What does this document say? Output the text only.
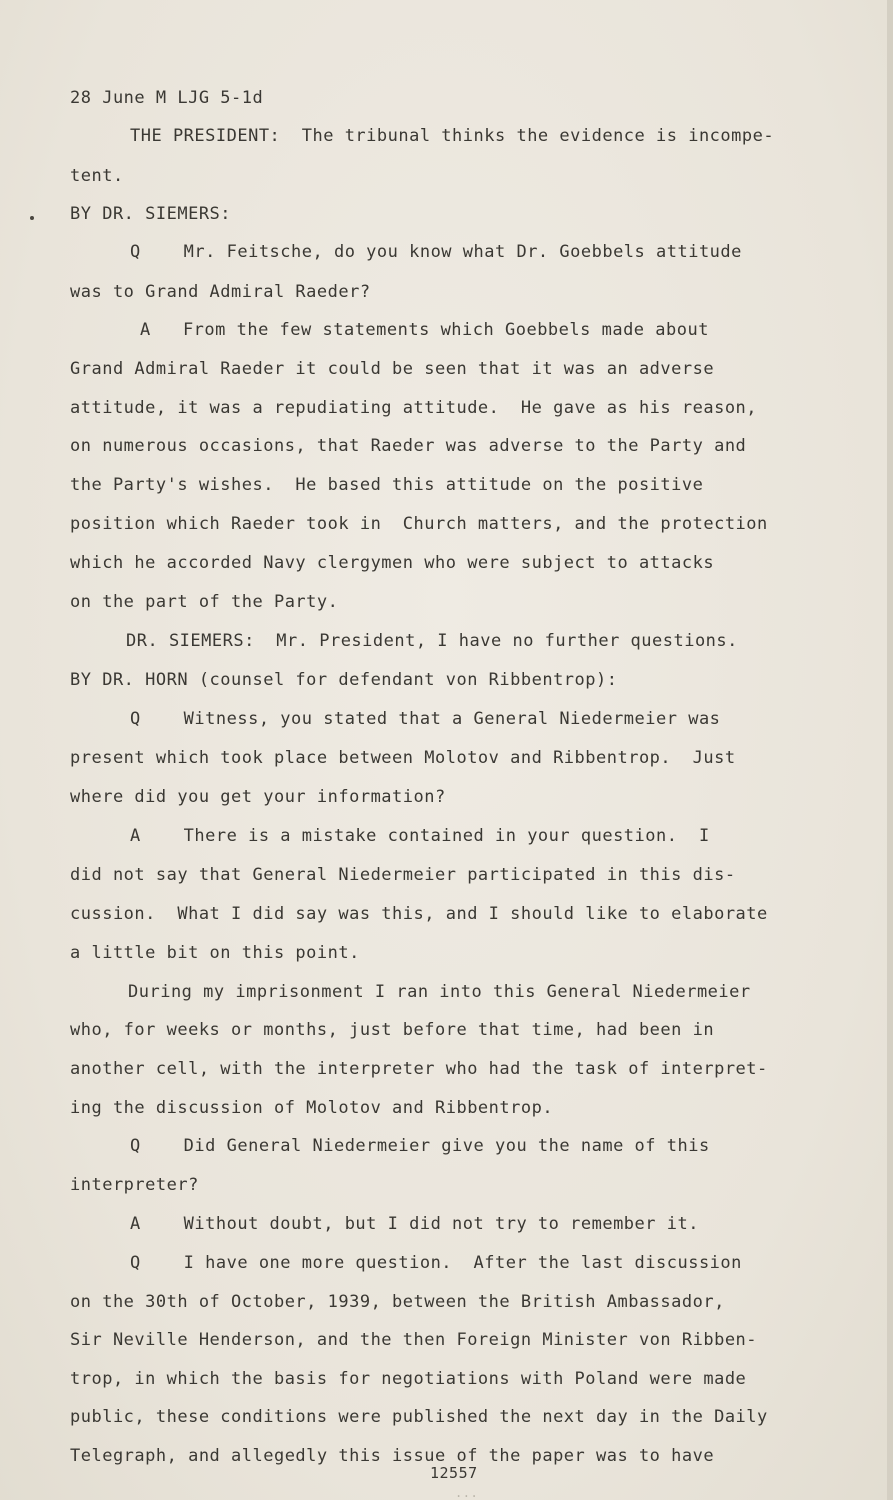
28 June M LJG 5-1d
THE PRESIDENT:  The tribunal thinks the evidence is incompe-
tent.
BY DR. SIEMERS:
Q    Mr. Feitsche, do you know what Dr. Goebbels attitude
was to Grand Admiral Raeder?
A   From the few statements which Goebbels made about
Grand Admiral Raeder it could be seen that it was an adverse
attitude, it was a repudiating attitude.  He gave as his reason,
on numerous occasions, that Raeder was adverse to the Party and
the Party's wishes.  He based this attitude on the positive
position which Raeder took in  Church matters, and the protection
which he accorded Navy clergymen who were subject to attacks
on the part of the Party.
DR. SIEMERS:  Mr. President, I have no further questions.
BY DR. HORN (counsel for defendant von Ribbentrop):
Q    Witness, you stated that a General Niedermeier was
present which took place between Molotov and Ribbentrop.  Just
where did you get your information?
A    There is a mistake contained in your question.  I
did not say that General Niedermeier participated in this dis-
cussion.  What I did say was this, and I should like to elaborate
a little bit on this point.
During my imprisonment I ran into this General Niedermeier
who, for weeks or months, just before that time, had been in
another cell, with the interpreter who had the task of interpret-
ing the discussion of Molotov and Ribbentrop.
Q    Did General Niedermeier give you the name of this
interpreter?
A    Without doubt, but I did not try to remember it.
Q    I have one more question.  After the last discussion
on the 30th of October, 1939, between the British Ambassador,
Sir Neville Henderson, and the then Foreign Minister von Ribben-
trop, in which the basis for negotiations with Poland were made
public, these conditions were published the next day in the Daily
Telegraph, and allegedly this issue of the paper was to have
12557
...
